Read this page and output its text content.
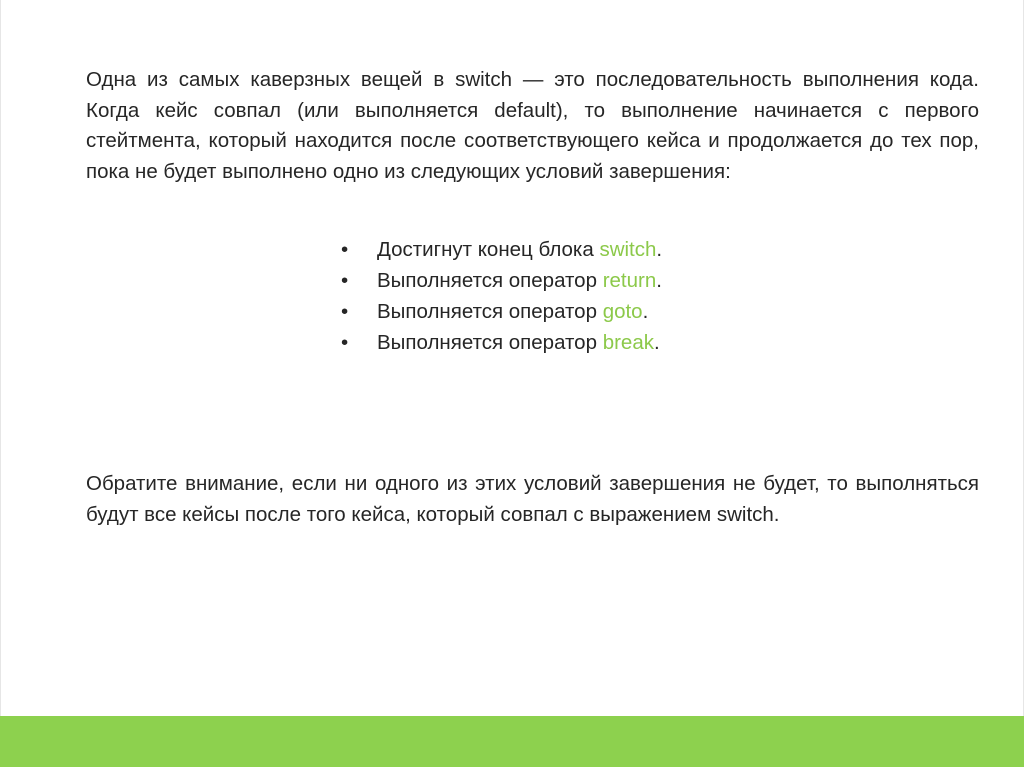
Одна из самых каверзных вещей в switch — это последовательность выполнения кода. Когда кейс совпал (или выполняется default), то выполнение начинается с первого стейтмента, который находится после соответствующего кейса и продолжается до тех пор, пока не будет выполнено одно из следующих условий завершения:

• Достигнут конец блока switch.
• Выполняется оператор return.
• Выполняется оператор goto.
• Выполняется оператор break.

Обратите внимание, если ни одного из этих условий завершения не будет, то выполняться будут все кейсы после того кейса, который совпал с выражением switch.
